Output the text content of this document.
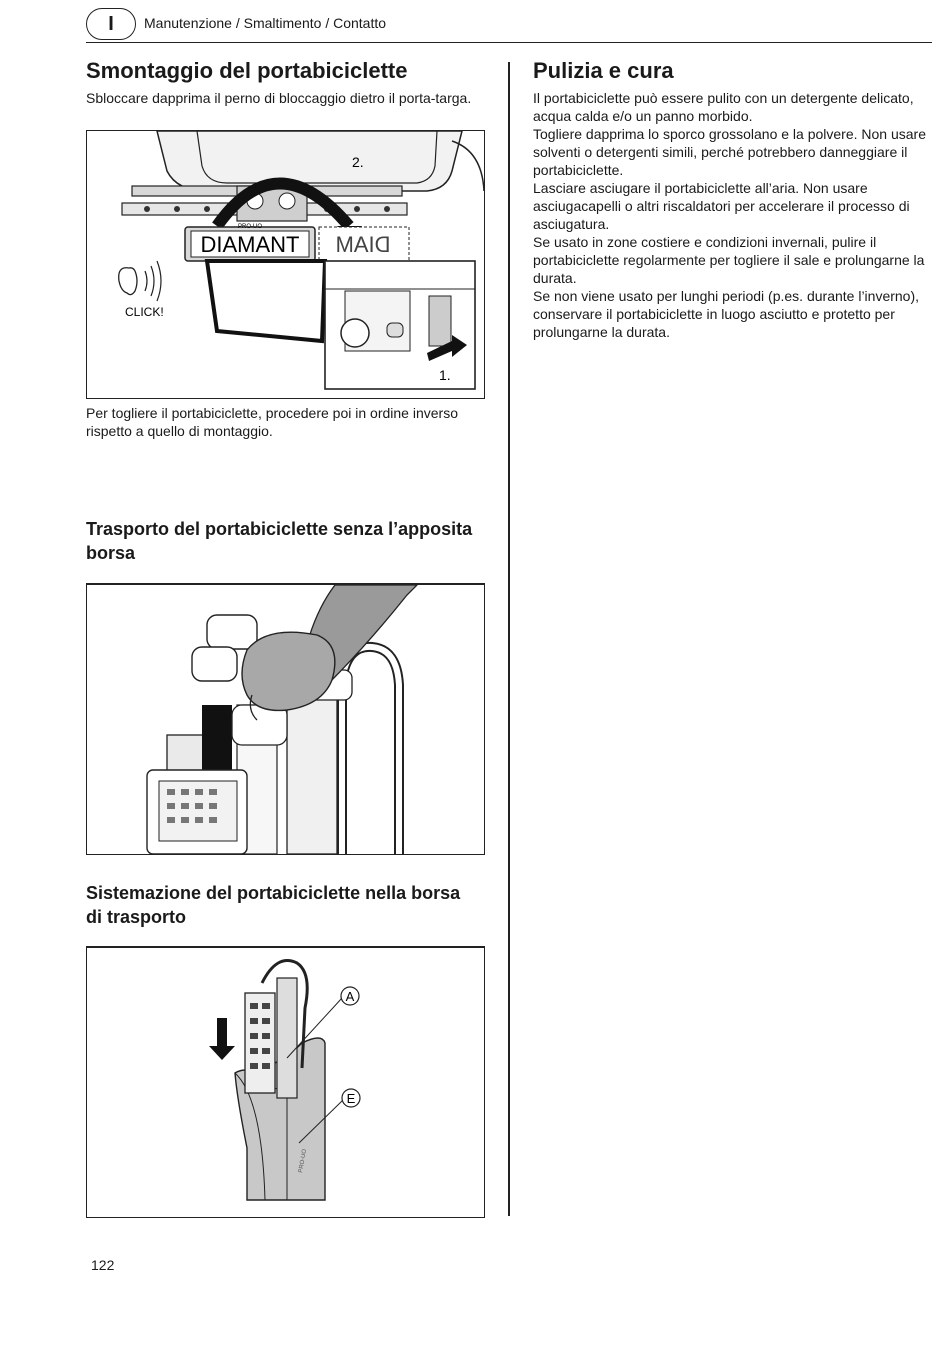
I	Manutenzione / Smaltimento / Contatto
Smontaggio del portabiciclette

Sbloccare dapprima il perno di bloccaggio dietro il porta-targa.

2.
DIAMANT
PRO-UO
DIAM
CLICK!
1.

Per togliere il portabiciclette, procedere poi in ordine inverso rispetto a quello di montaggio.

Trasporto del portabiciclette senza l’apposita borsa
Sistemazione del portabiciclette nella borsa di trasporto
PRO-UO
A
E
Pulizia e cura

Il portabiciclette può essere pulito con un detergente delicato, acqua calda e/o un panno morbido.

Togliere dapprima lo sporco grossolano e la polvere. Non usare solventi o detergenti simili, perché potrebbero danneggiare il portabiciclette.

Lasciare asciugare il portabiciclette all’aria. Non usare asciugacapelli o altri riscaldatori per accelerare il processo di asciugatura.

Se usato in zone costiere e condizioni invernali, pulire il portabiciclette regolarmente per togliere il sale e prolungarne la durata.

Se non viene usato per lunghi periodi (p.es. durante l’inverno), conservare il portabiciclette in luogo asciutto e protetto per prolungarne la durata.

122
